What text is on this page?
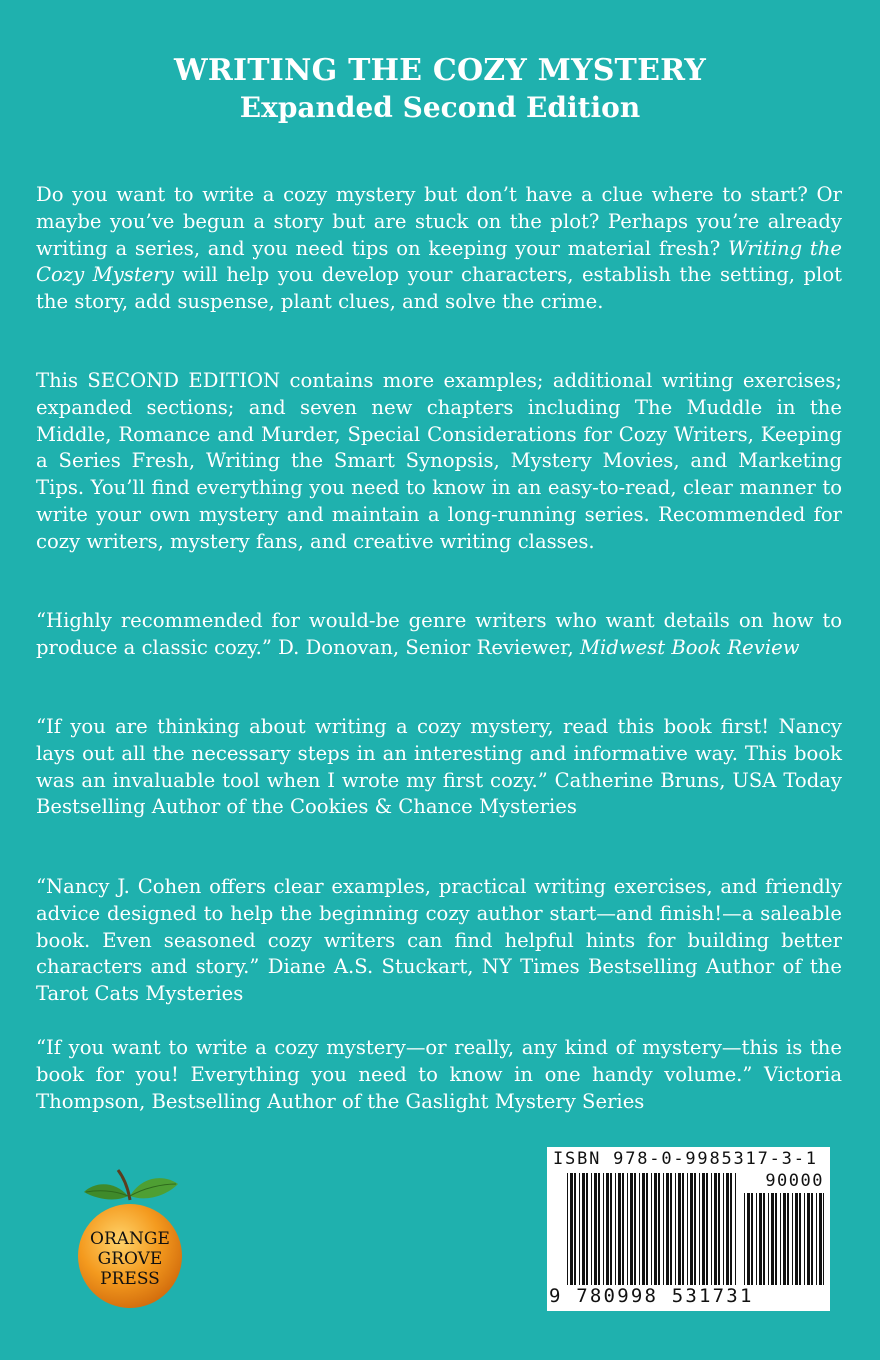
WRITING THE COZY MYSTERY
Expanded Second Edition

Do you want to write a cozy mystery but don’t have a clue where to start? Or maybe you’ve begun a story but are stuck on the plot? Perhaps you’re already writing a series, and you need tips on keeping your material fresh? Writing the Cozy Mystery will help you develop your characters, establish the setting, plot the story, add suspense, plant clues, and solve the crime.

This SECOND EDITION contains more examples; additional writing exercises; expanded sections; and seven new chapters including The Muddle in the Middle, Romance and Murder, Special Considerations for Cozy Writers, Keeping a Series Fresh, Writing the Smart Synopsis, Mystery Movies, and Marketing Tips. You’ll find everything you need to know in an easy-to-read, clear manner to write your own mystery and maintain a long-running series. Recommended for cozy writers, mystery fans, and creative writing classes.

“Highly recommended for would-be genre writers who want details on how to produce a classic cozy.” D. Donovan, Senior Reviewer, Midwest Book Review

“If you are thinking about writing a cozy mystery, read this book first! Nancy lays out all the necessary steps in an interesting and informative way. This book was an invaluable tool when I wrote my first cozy.” Catherine Bruns, USA Today Bestselling Author of the Cookies & Chance Mysteries

“Nancy J. Cohen offers clear examples, practical writing exercises, and friendly advice designed to help the beginning cozy author start—and finish!—a saleable book. Even seasoned cozy writers can find helpful hints for building better characters and story.” Diane A.S. Stuckart, NY Times Bestselling Author of the Tarot Cats Mysteries

“If you want to write a cozy mystery—or really, any kind of mystery—this is the book for you! Everything you need to know in one handy volume.” Victoria Thompson, Bestselling Author of the Gaslight Mystery Series

ORANGE
GROVE
PRESS
ISBN 978-0-9985317-3-1
90000
9 780998 531731
